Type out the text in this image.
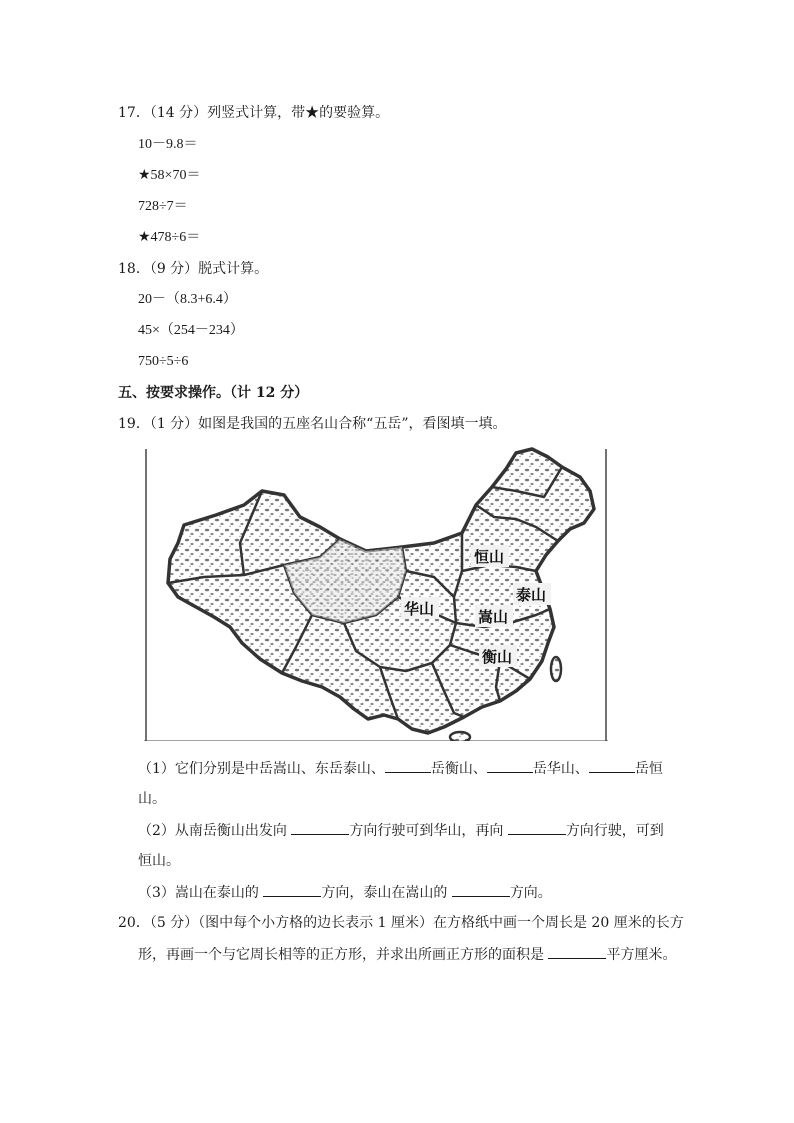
17．（14 分）列竖式计算，带★的要验算。
10－9.8＝
★58×70＝
728÷7＝
★478÷6＝
18．（9 分）脱式计算。
20－（8.3+6.4）
45×（254－234）
750÷5÷6
五、按要求操作。（计 12 分）
19．（1 分）如图是我国的五座名山合称“五岳”，看图填一填。
恒山
泰山
华山	嵩山
衡山
（1）它们分别是中岳嵩山、东岳泰山、	岳衡山、	岳华山、	岳恒
山。
（2）从南岳衡山出发向	方向行驶可到华山，再向	方向行驶，可到
恒山。
（3）嵩山在泰山的	方向，泰山在嵩山的	方向。
20．（5 分）（图中每个小方格的边长表示 1 厘米）在方格纸中画一个周长是 20 厘米的长方
形，再画一个与它周长相等的正方形，并求出所画正方形的面积是	平方厘米。
